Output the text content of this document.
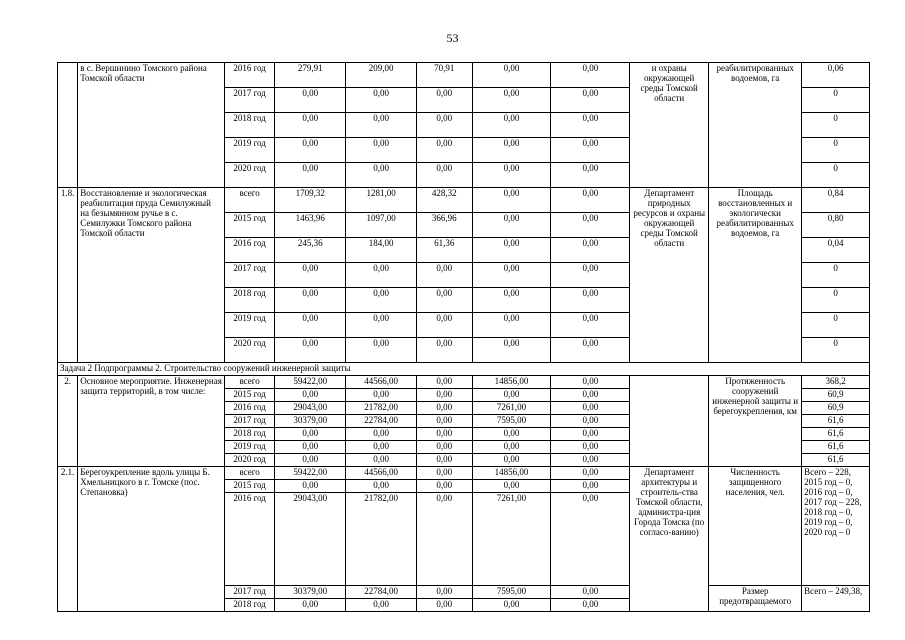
53
	в с. Вершинино Томского района Томской области	2016 год	279,91	209,00	70,91	0,00	0,00	и охраны окружающей среды Томской области	реабилитированных водоемов, га	0,06
		2017 год	0,00	0,00	0,00	0,00	0,00			0
		2018 год	0,00	0,00	0,00	0,00	0,00			0
		2019 год	0,00	0,00	0,00	0,00	0,00			0
		2020 год	0,00	0,00	0,00	0,00	0,00			0
1.8.	Восстановление и экологическая реабилитация пруда Семилужный на безымянном ручье в с. Семилужки Томского района Томской области	всего	1709,32	1281,00	428,32	0,00	0,00	Департамент природных ресурсов и охраны окружающей среды Томской области	Площадь восстановленных и экологически реабилитированных водоемов, га	0,84
		2015 год	1463,96	1097,00	366,96	0,00	0,00			0,80
		2016 год	245,36	184,00	61,36	0,00	0,00			0,04
		2017 год	0,00	0,00	0,00	0,00	0,00			0
		2018 год	0,00	0,00	0,00	0,00	0,00			0
		2019 год	0,00	0,00	0,00	0,00	0,00			0
		2020 год	0,00	0,00	0,00	0,00	0,00			0
Задача 2 Подпрограммы 2. Строительство сооружений инженерной защиты										
2.	Основное мероприятие. Инженерная защита территорий, в том числе:	всего	59422,00	44566,00	0,00	14856,00	0,00		Протяженность сооружений инженерной защиты и берегоукрепления, км	368,2
		2015 год	0,00	0,00	0,00	0,00	0,00			60,9
		2016 год	29043,00	21782,00	0,00	7261,00	0,00			60,9
		2017 год	30379,00	22784,00	0,00	7595,00	0,00			61,6
		2018 год	0,00	0,00	0,00	0,00	0,00			61,6
		2019 год	0,00	0,00	0,00	0,00	0,00			61,6
		2020 год	0,00	0,00	0,00	0,00	0,00			61,6
2.1.	Берегоукрепление вдоль улицы Б. Хмельницкого в г. Томске (пос. Степановка)	всего	59422,00	44566,00	0,00	14856,00	0,00	Департамент архитектуры и строитель-ства Томской области, администра-ция Города Томска (по согласо-ванию)	Численность защищенного населения, чел.	Всего – 228, 2015 год – 0, 2016 год – 0, 2017 год – 228, 2018 год – 0, 2019 год – 0, 2020 год – 0
		2015 год	0,00	0,00	0,00	0,00	0,00			
		2016 год	29043,00	21782,00	0,00	7261,00	0,00			
		2017 год	30379,00	22784,00	0,00	7595,00	0,00		Размер предотвращаемого	Всего – 249,38,
		2018 год	0,00	0,00	0,00	0,00	0,00			
